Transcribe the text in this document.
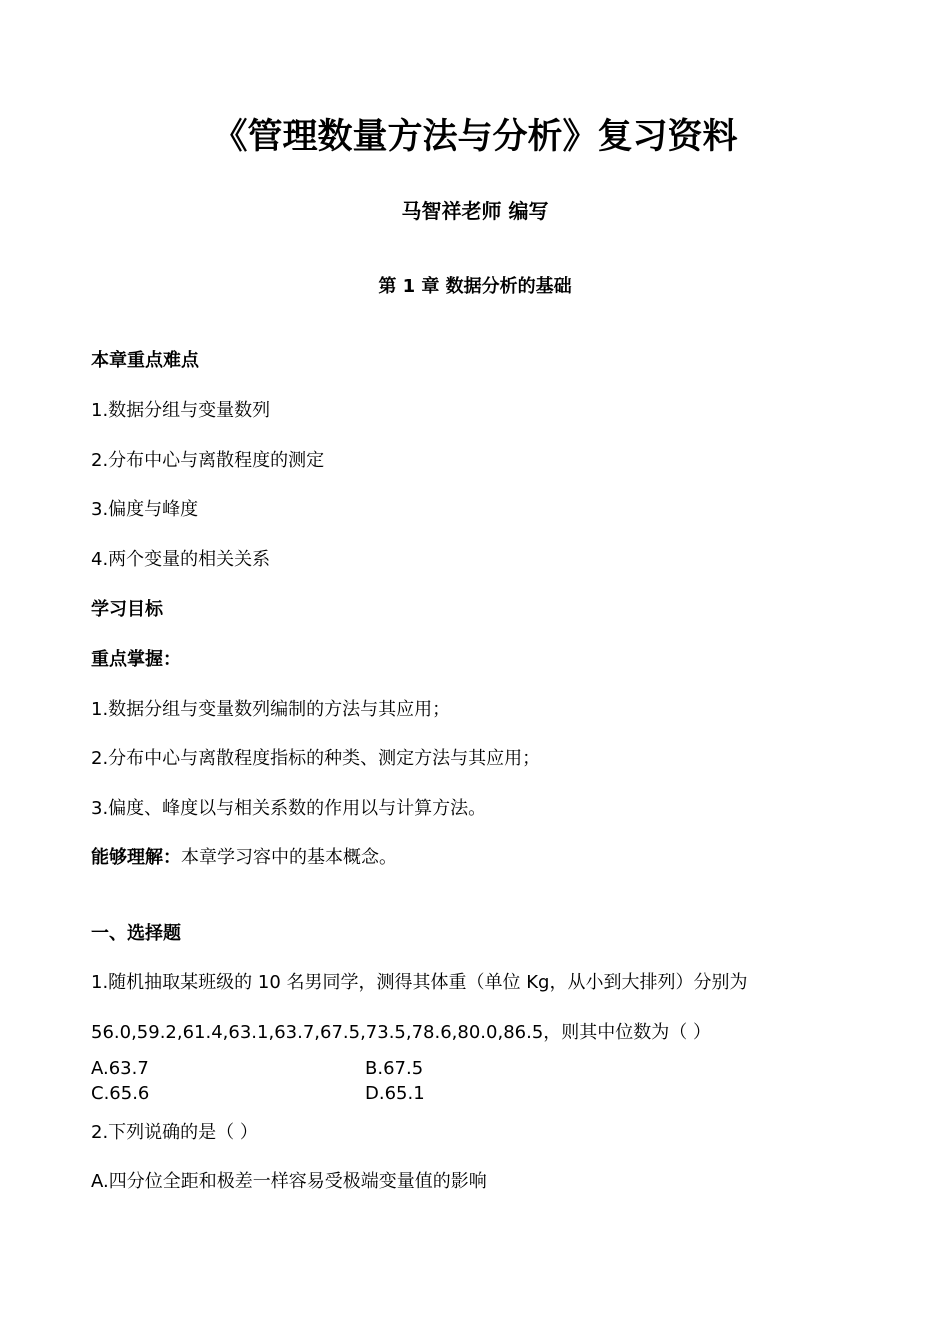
《管理数量方法与分析》复习资料
马智祥老师 编写
第 1 章 数据分析的基础
本章重点难点
1.数据分组与变量数列
2.分布中心与离散程度的测定
3.偏度与峰度
4.两个变量的相关关系
学习目标
重点掌握：
1.数据分组与变量数列编制的方法与其应用；
2.分布中心与离散程度指标的种类、测定方法与其应用；
3.偏度、峰度以与相关系数的作用以与计算方法。
能够理解：本章学习容中的基本概念。
一、选择题
1.随机抽取某班级的 10 名男同学，测得其体重（单位 Kg，从小到大排列）分别为
56.0,59.2,61.4,63.1,63.7,67.5,73.5,78.6,80.0,86.5，则其中位数为（ ）
A.63.7	B.67.5
C.65.6	D.65.1
2.下列说确的是（ ）
A.四分位全距和极差一样容易受极端变量值的影响
